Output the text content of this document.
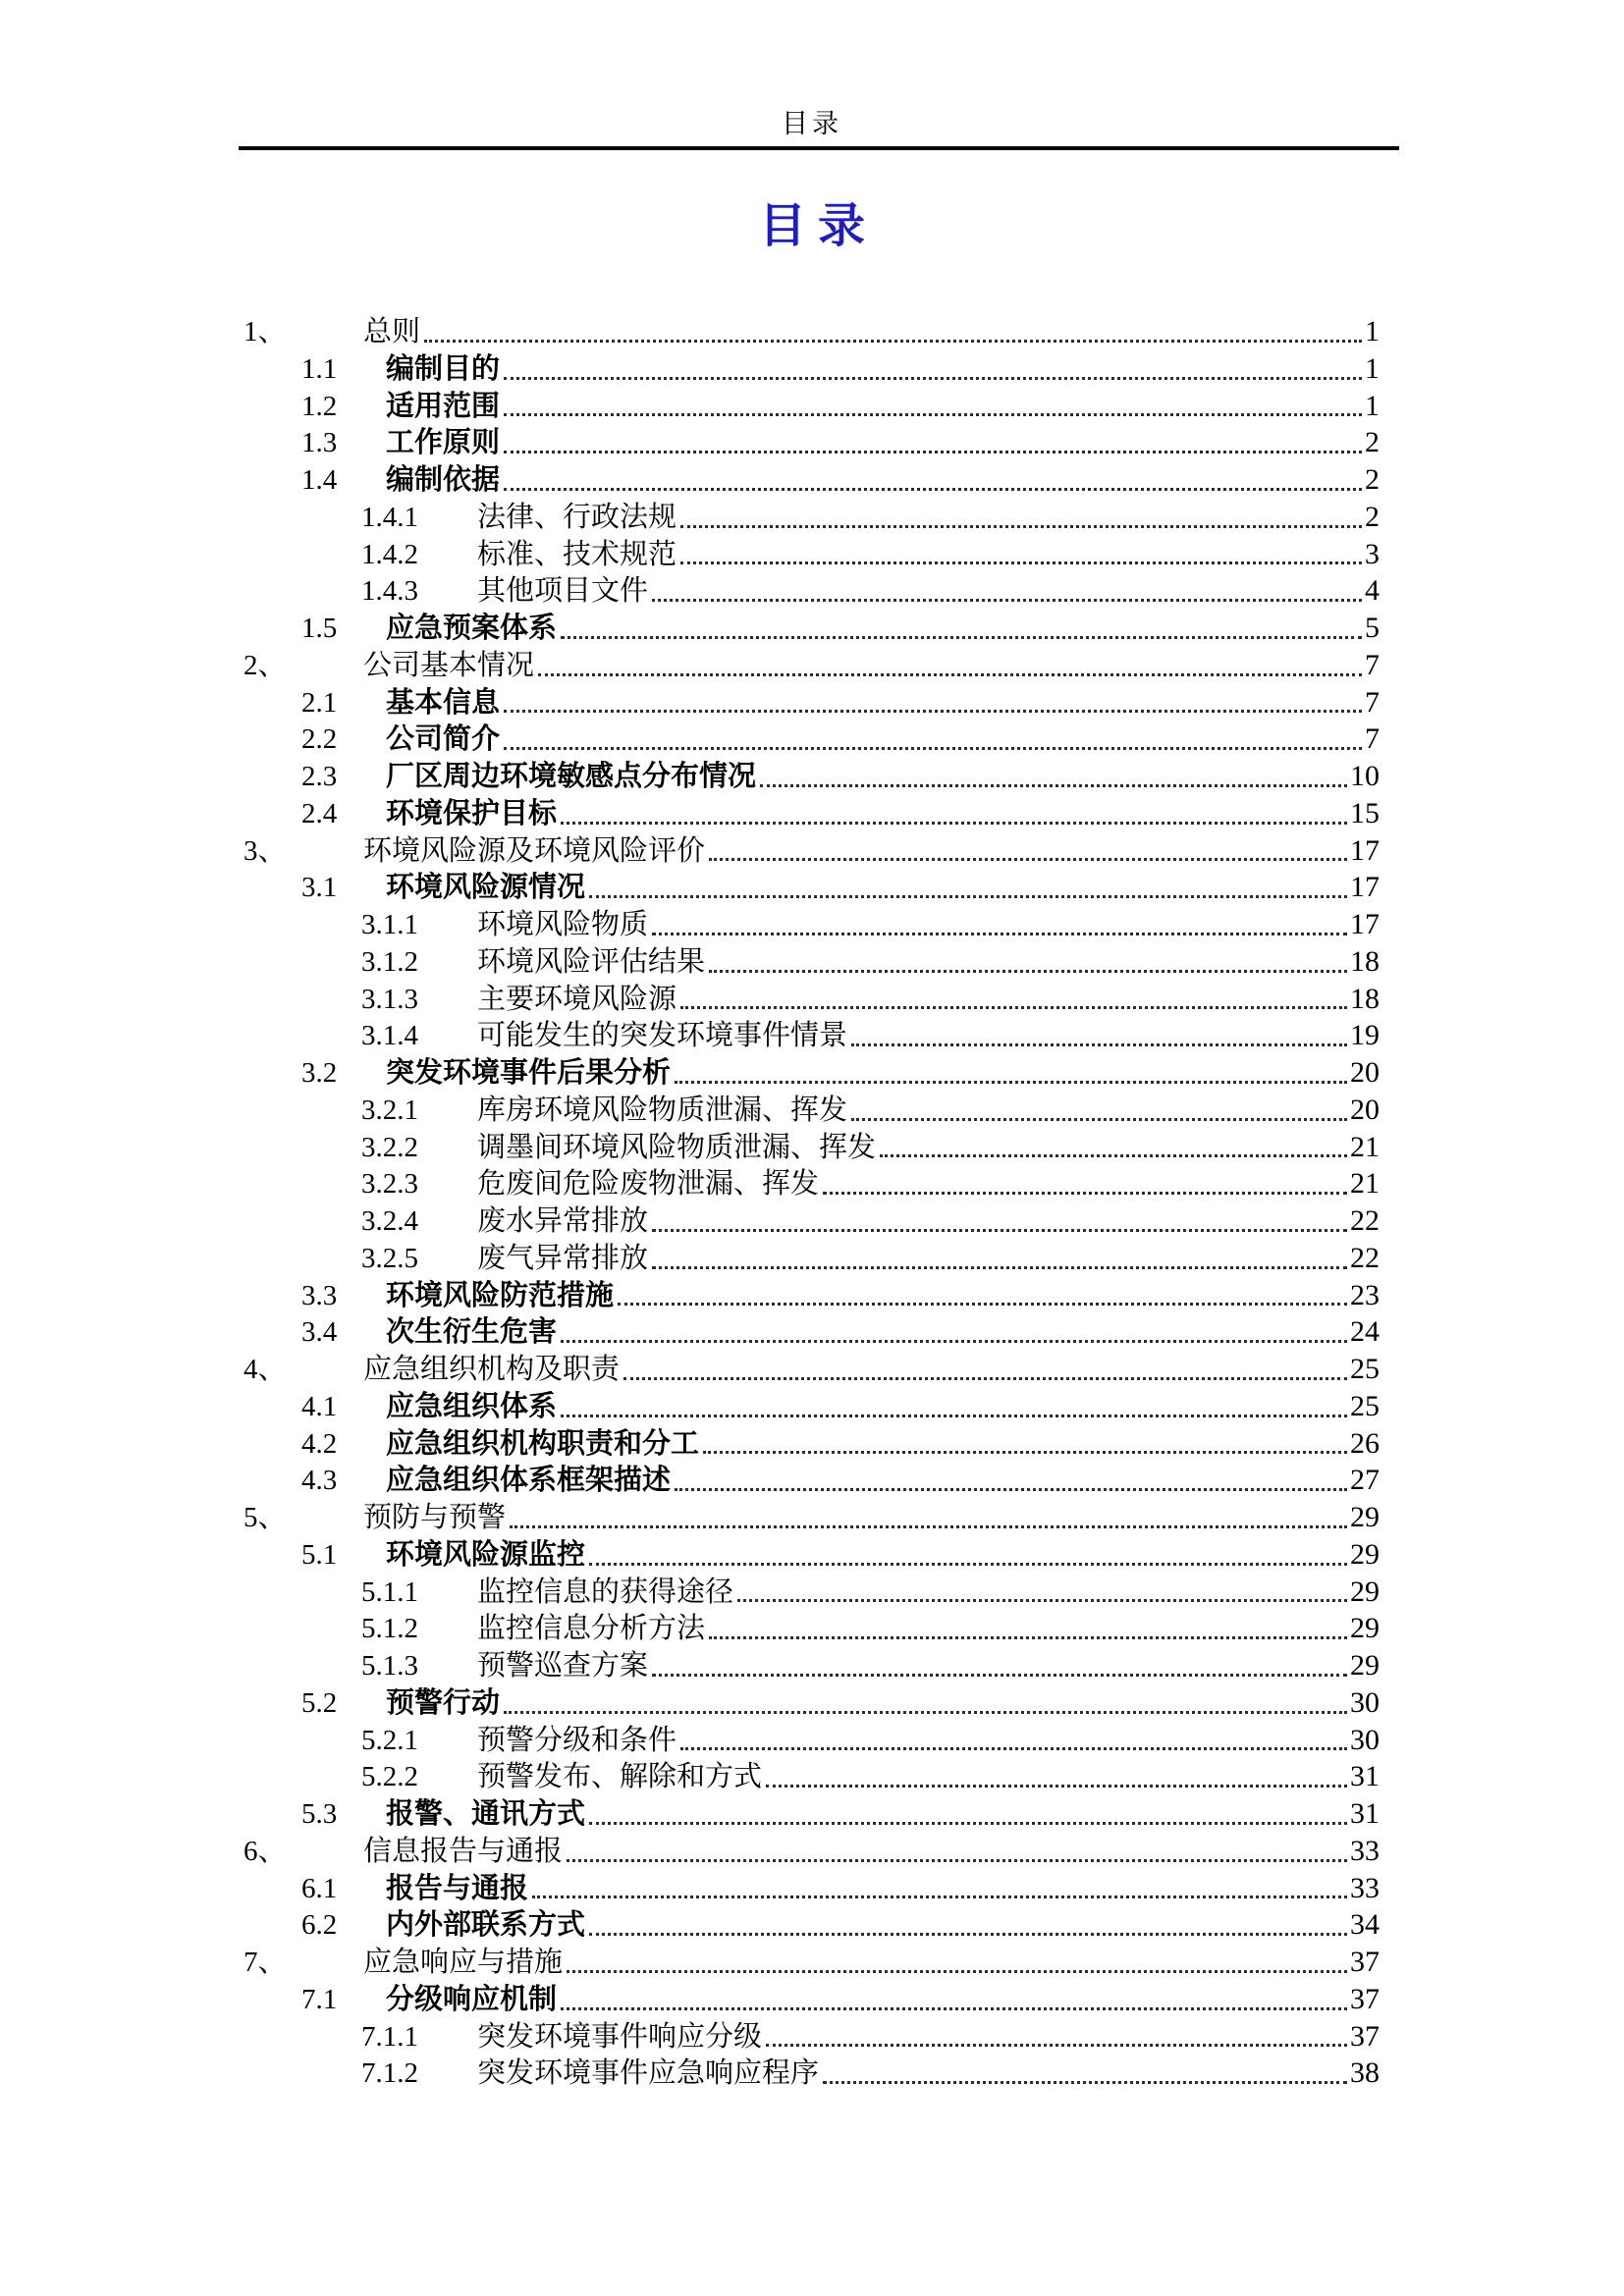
目录
目录
1、	总则	1
1.1	编制目的	1
1.2	适用范围	1
1.3	工作原则	2
1.4	编制依据	2
1.4.1	法律、行政法规	2
1.4.2	标准、技术规范	3
1.4.3	其他项目文件	4
1.5	应急预案体系	5
2、	公司基本情况	7
2.1	基本信息	7
2.2	公司简介	7
2.3	厂区周边环境敏感点分布情况	10
2.4	环境保护目标	15
3、	环境风险源及环境风险评价	17
3.1	环境风险源情况	17
3.1.1	环境风险物质	17
3.1.2	环境风险评估结果	18
3.1.3	主要环境风险源	18
3.1.4	可能发生的突发环境事件情景	19
3.2	突发环境事件后果分析	20
3.2.1	库房环境风险物质泄漏、挥发	20
3.2.2	调墨间环境风险物质泄漏、挥发	21
3.2.3	危废间危险废物泄漏、挥发	21
3.2.4	废水异常排放	22
3.2.5	废气异常排放	22
3.3	环境风险防范措施	23
3.4	次生衍生危害	24
4、	应急组织机构及职责	25
4.1	应急组织体系	25
4.2	应急组织机构职责和分工	26
4.3	应急组织体系框架描述	27
5、	预防与预警	29
5.1	环境风险源监控	29
5.1.1	监控信息的获得途径	29
5.1.2	监控信息分析方法	29
5.1.3	预警巡查方案	29
5.2	预警行动	30
5.2.1	预警分级和条件	30
5.2.2	预警发布、解除和方式	31
5.3	报警、通讯方式	31
6、	信息报告与通报	33
6.1	报告与通报	33
6.2	内外部联系方式	34
7、	应急响应与措施	37
7.1	分级响应机制	37
7.1.1	突发环境事件响应分级	37
7.1.2	突发环境事件应急响应程序	38
